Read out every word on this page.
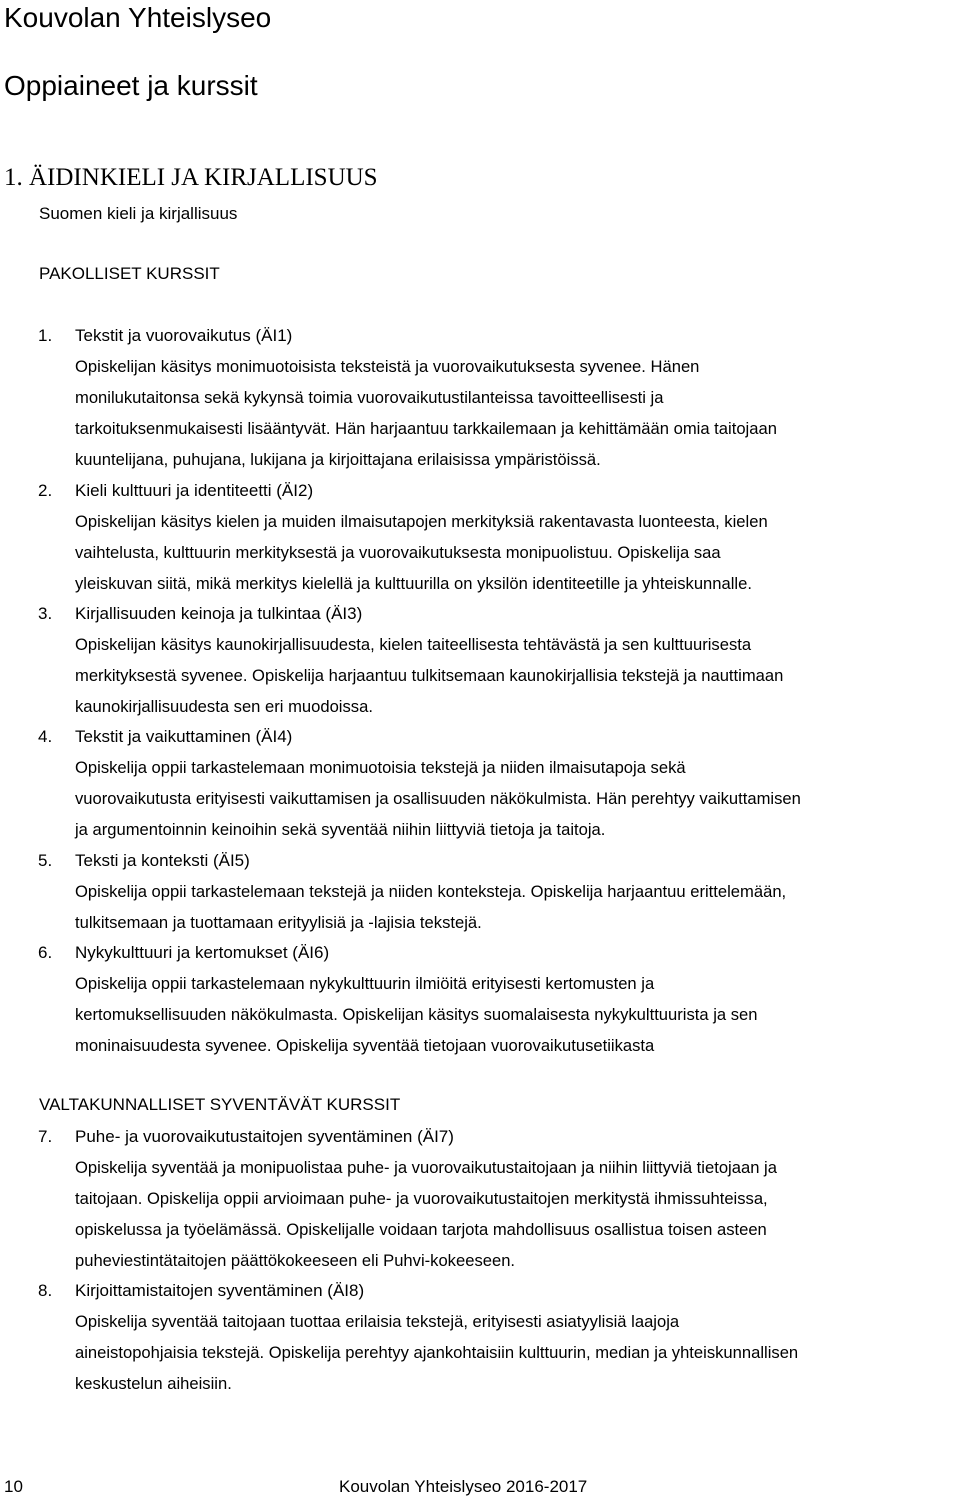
Kouvolan Yhteislyseo
Oppiaineet ja kurssit
1. ÄIDINKIELI JA KIRJALLISUUS
Suomen kieli ja kirjallisuus
PAKOLLISET KURSSIT
1. Tekstit ja vuorovaikutus (ÄI1)
Opiskelijan käsitys monimuotoisista teksteistä ja vuorovaikutuksesta syvenee. Hänen
monilukutaitonsa sekä kykynsä toimia vuorovaikutustilanteissa tavoitteellisesti ja
tarkoituksenmukaisesti lisääntyvät. Hän harjaantuu tarkkailemaan ja kehittämään omia taitojaan
kuuntelijana, puhujana, lukijana ja kirjoittajana erilaisissa ympäristöissä.
2. Kieli kulttuuri ja identiteetti (ÄI2)
Opiskelijan käsitys kielen ja muiden ilmaisutapojen merkityksiä rakentavasta luonteesta, kielen
vaihtelusta, kulttuurin merkityksestä ja vuorovaikutuksesta monipuolistuu. Opiskelija saa
yleiskuvan siitä, mikä merkitys kielellä ja kulttuurilla on yksilön identiteetille ja yhteiskunnalle.
3. Kirjallisuuden keinoja ja tulkintaa (ÄI3)
Opiskelijan käsitys kaunokirjallisuudesta, kielen taiteellisesta tehtävästä ja sen kulttuurisesta
merkityksestä syvenee. Opiskelija harjaantuu tulkitsemaan kaunokirjallisia tekstejä ja nauttimaan
kaunokirjallisuudesta sen eri muodoissa.
4. Tekstit ja vaikuttaminen (ÄI4)
Opiskelija oppii tarkastelemaan monimuotoisia tekstejä ja niiden ilmaisutapoja sekä
vuorovaikutusta erityisesti vaikuttamisen ja osallisuuden näkökulmista. Hän perehtyy vaikuttamisen
ja argumentoinnin keinoihin sekä syventää niihin liittyviä tietoja ja taitoja.
5. Teksti ja konteksti (ÄI5)
Opiskelija oppii tarkastelemaan tekstejä ja niiden konteksteja. Opiskelija harjaantuu erittelemään,
tulkitsemaan ja tuottamaan erityylisiä ja -lajisia tekstejä.
6. Nykykulttuuri ja kertomukset (ÄI6)
Opiskelija oppii tarkastelemaan nykykulttuurin ilmiöitä erityisesti kertomusten ja
kertomuksellisuuden näkökulmasta. Opiskelijan käsitys suomalaisesta nykykulttuurista ja sen
moninaisuudesta syvenee. Opiskelija syventää tietojaan vuorovaikutusetiikasta
VALTAKUNNALLISET SYVENTÄVÄT KURSSIT
7. Puhe- ja vuorovaikutustaitojen syventäminen (ÄI7)
Opiskelija syventää ja monipuolistaa puhe- ja vuorovaikutustaitojaan ja niihin liittyviä tietojaan ja
taitojaan. Opiskelija oppii arvioimaan puhe- ja vuorovaikutustaitojen merkitystä ihmissuhteissa,
opiskelussa ja työelämässä. Opiskelijalle voidaan tarjota mahdollisuus osallistua toisen asteen
puheviestintätaitojen päättökokeeseen eli Puhvi-kokeeseen.
8. Kirjoittamistaitojen syventäminen (ÄI8)
Opiskelija syventää taitojaan tuottaa erilaisia tekstejä, erityisesti asiatyylisiä laajoja
aineistopohjaisia tekstejä. Opiskelija perehtyy ajankohtaisiin kulttuurin, median ja yhteiskunnallisen
keskustelun aiheisiin.
10	Kouvolan Yhteislyseo 2016-2017
